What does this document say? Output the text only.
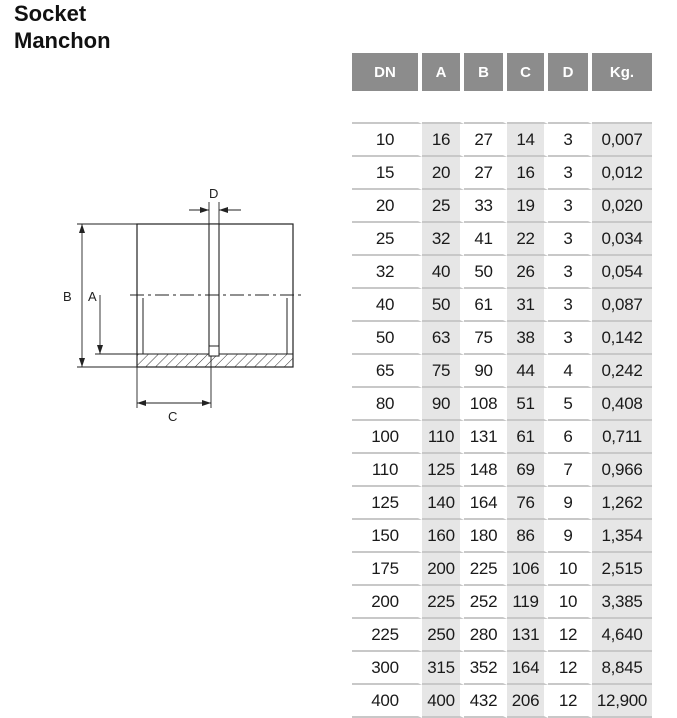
Socket
Manchon
B A
C
D
DN	A	B	C	D	Kg.

10	16	27	14	3	0,007
15	20	27	16	3	0,012
20	25	33	19	3	0,020
25	32	41	22	3	0,034
32	40	50	26	3	0,054
40	50	61	31	3	0,087
50	63	75	38	3	0,142
65	75	90	44	4	0,242
80	90	108	51	5	0,408
100	110	131	61	6	0,711
110	125	148	69	7	0,966
125	140	164	76	9	1,262
150	160	180	86	9	1,354
175	200	225	106	10	2,515
200	225	252	119	10	3,385
225	250	280	131	12	4,640
300	315	352	164	12	8,845
400	400	432	206	12	12,900
